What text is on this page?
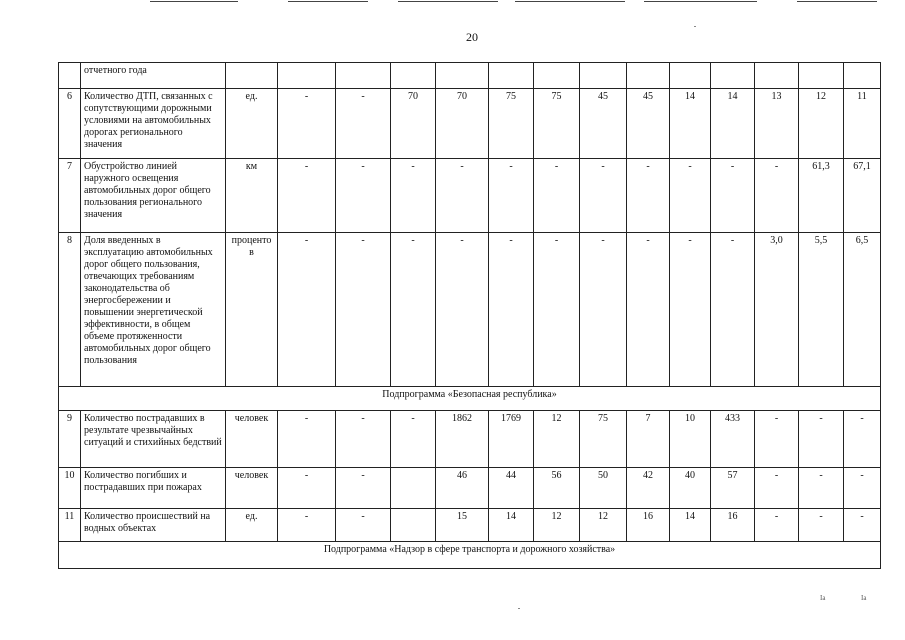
20
	отчетного года														
6	Количество ДТП, связанных с сопутствующими дорожными условиями на автомобильных дорогах регионального значения	ед.	-	-	70	70	75	75	45	45	14	14	13	12	11
7	Обустройство линией наружного освещения автомобильных дорог общего пользования регионального значения	км	-	-	-	-	-	-	-	-	-	-	-	61,3	67,1
8	Доля введенных в эксплуатацию автомобильных дорог общего пользования, отвечающих требованиям законодательства об энергосбережении и повышении энергетической эффективности, в общем объеме протяженности автомобильных дорог общего пользования	проценто в	-	-	-	-	-	-	-	-	-	-	3,0	5,5	6,5
Подпрограмма «Безопасная республика»															
9	Количество пострадавших в результате чрезвычайных ситуаций и стихийных бедствий	человек	-	-	-	1862	1769	12	75	7	10	433	-	-	-
10	Количество погибших и пострадавших при пожарах	человек	-	-		46	44	56	50	42	40	57	-	-	-
11	Количество происшествий на водных объектах	ед.	-	-		15	14	12	12	16	14	16	-	-	-
Подпрограмма «Надзор в сфере транспорта и дорожного хозяйства»															
Ia	Ia
